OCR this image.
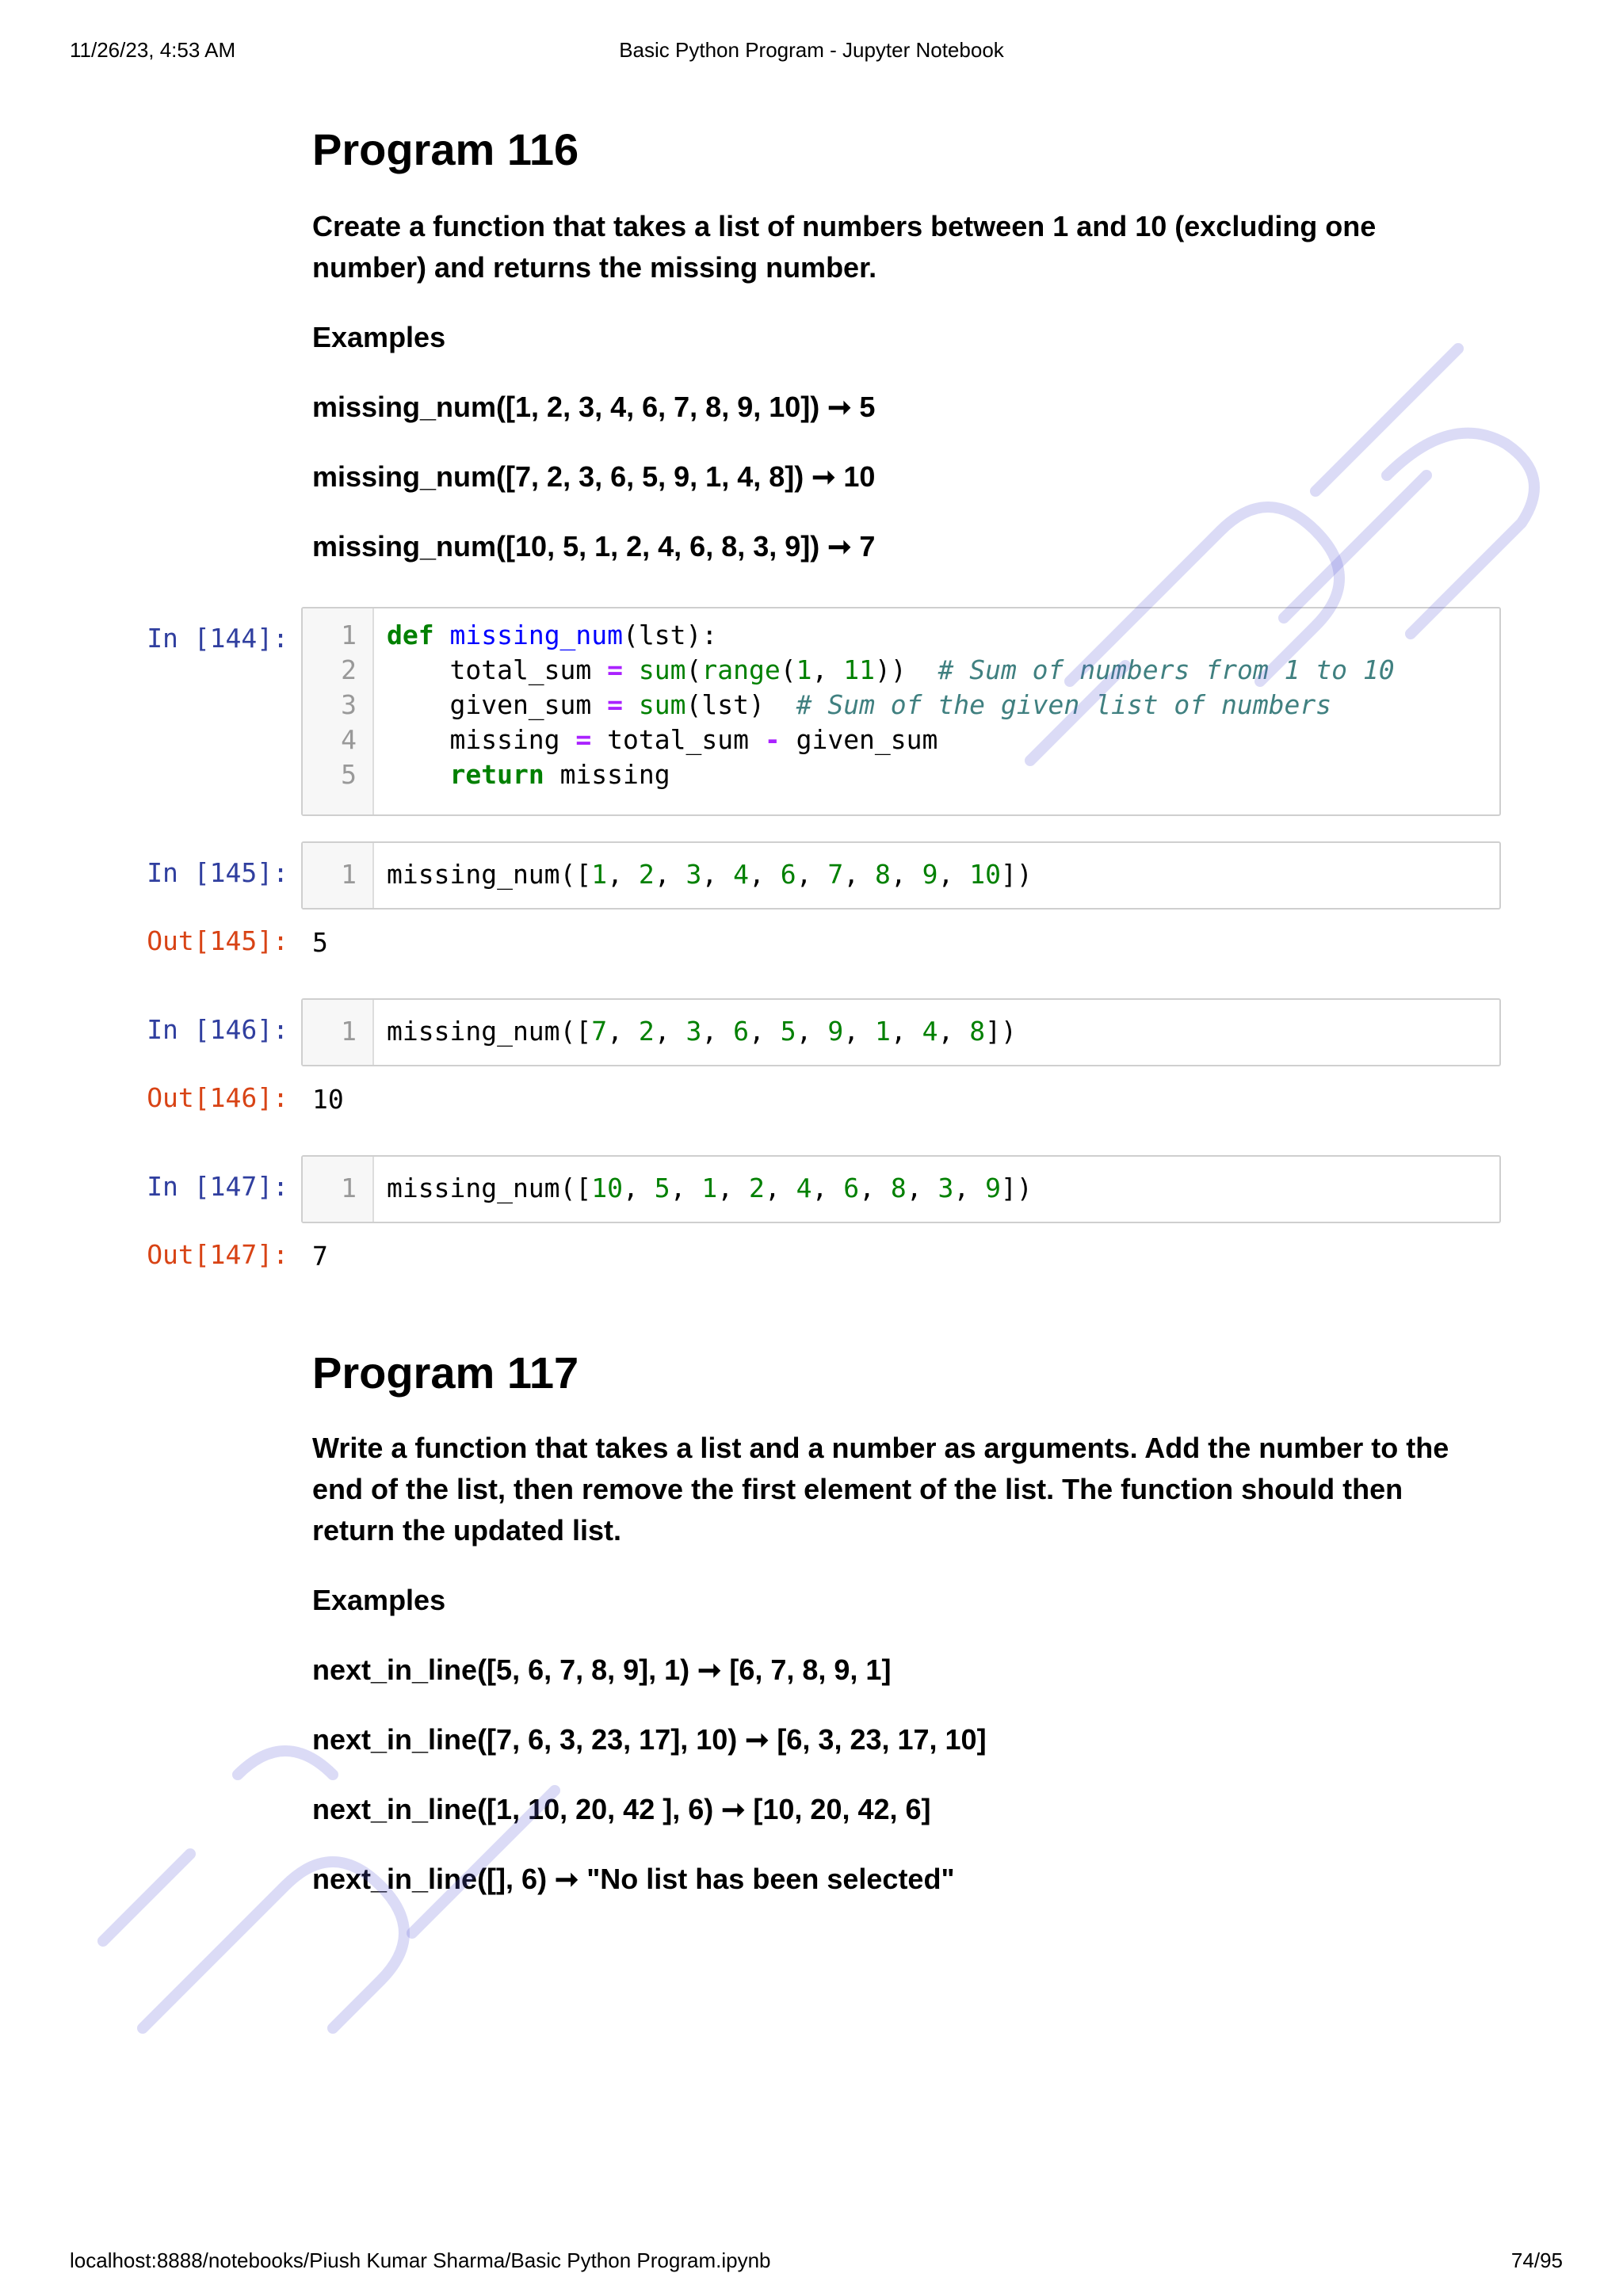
11/26/23, 4:53 AM	Basic Python Program - Jupyter Notebook
localhost:8888/notebooks/Piush Kumar Sharma/Basic Python Program.ipynb	74/95
Program 116

Create a function that takes a list of numbers between 1 and 10 (excluding one

number) and returns the missing number.

Examples

missing_num([1, 2, 3, 4, 6, 7, 8, 9, 10]) ➞ 5

missing_num([7, 2, 3, 6, 5, 9, 1, 4, 8]) ➞ 10

missing_num([10, 5, 1, 2, 4, 6, 8, 3, 9]) ➞ 7

In [144]:	1 def missing_num(lst):
2    total_sum = sum(range(1, 11))  # Sum of numbers from 1 to 10
3    given_sum = sum(lst)  # Sum of the given list of numbers
4    missing = total_sum - given_sum
5	return missing
In [145]:	1 missing_num([1, 2, 3, 4, 6, 7, 8, 9, 10])
Out[145]: 5
In [146]:	1 missing_num([7, 2, 3, 6, 5, 9, 1, 4, 8])
Out[146]: 10
In [147]:	1 missing_num([10, 5, 1, 2, 4, 6, 8, 3, 9])
Out[147]: 7
Program 117

Write a function that takes a list and a number as arguments. Add the number to the

end of the list, then remove the first element of the list. The function should then

return the updated list.

Examples

next_in_line([5, 6, 7, 8, 9], 1) ➞ [6, 7, 8, 9, 1]

next_in_line([7, 6, 3, 23, 17], 10) ➞ [6, 3, 23, 17, 10]

next_in_line([1, 10, 20, 42 ], 6) ➞ [10, 20, 42, 6]

next_in_line([], 6) ➞ "No list has been selected"
